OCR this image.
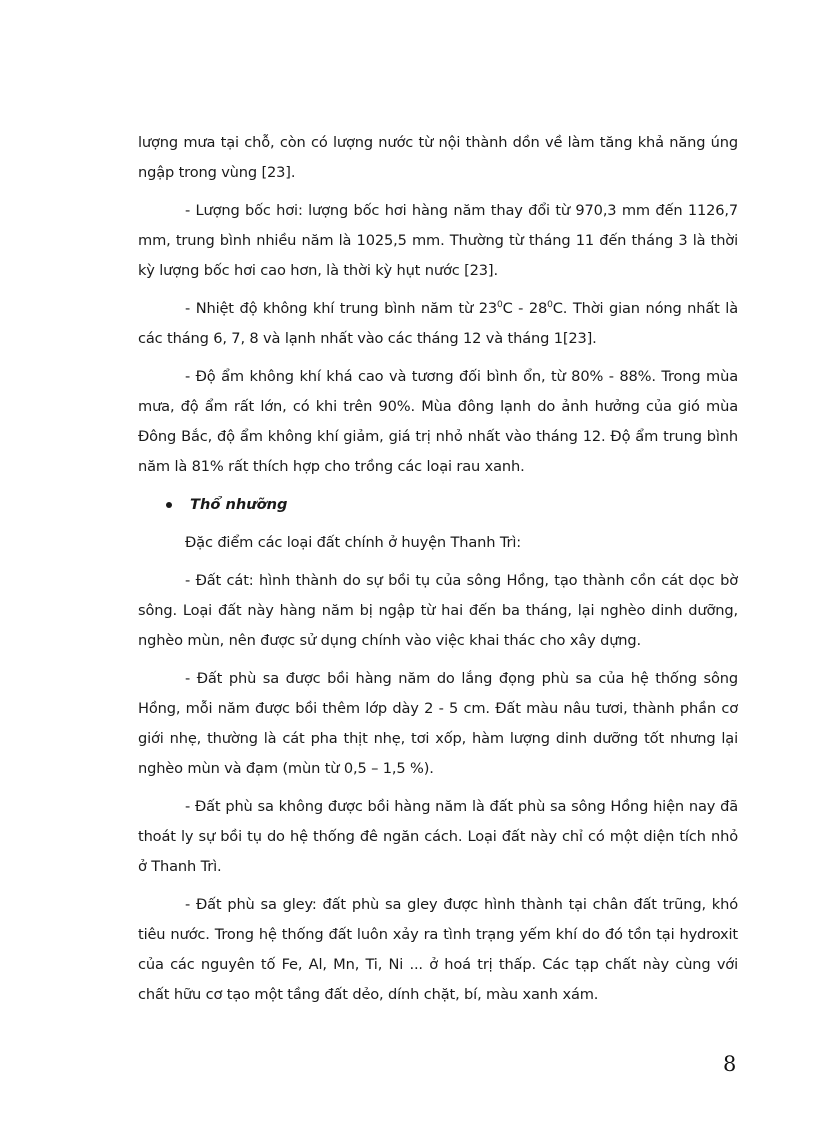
lượng mưa tại chỗ, còn có lượng nước từ nội thành dồn về làm tăng khả năng úng ngập trong vùng [23].

- Lượng bốc hơi: lượng bốc hơi hàng năm thay đổi từ 970,3 mm đến 1126,7 mm, trung bình nhiều năm là 1025,5 mm. Thường từ tháng 11 đến tháng 3 là thời kỳ lượng bốc hơi cao hơn, là thời kỳ hụt nước [23].

- Nhiệt độ không khí trung bình năm từ $23^0C - 28^0C$. Thời gian nóng nhất là các tháng 6, 7, 8 và lạnh nhất vào các tháng 12 và tháng 1[23].

- Độ ẩm không khí khá cao và tương đối bình ổn, từ 80% - 88%. Trong mùa mưa, độ ẩm rất lớn, có khi trên 90%. Mùa đông lạnh do ảnh hưởng của gió mùa Đông Bắc, độ ẩm không khí giảm, giá trị nhỏ nhất vào tháng 12. Độ ẩm trung bình năm là 81% rất thích hợp cho trồng các loại rau xanh.

Thổ nhưỡng

Đặc điểm các loại đất chính ở huyện Thanh Trì:

- Đất cát: hình thành do sự bồi tụ của sông Hồng, tạo thành cồn cát dọc bờ sông. Loại đất này hàng năm bị ngập từ hai đến ba tháng, lại nghèo dinh dưỡng, nghèo mùn, nên được sử dụng chính vào việc khai thác cho xây dựng.

- Đất phù sa được bồi hàng năm do lắng đọng phù sa của hệ thống sông Hồng, mỗi năm được bồi thêm lớp dày 2 - 5 cm. Đất màu nâu tươi, thành phần cơ giới nhẹ, thường là cát pha thịt nhẹ, tơi xốp, hàm lượng dinh dưỡng tốt nhưng lại nghèo mùn và đạm (mùn từ 0,5 – 1,5 %).

- Đất phù sa không được bồi hàng năm là đất phù sa sông Hồng hiện nay đã thoát ly sự bồi tụ do hệ thống đê ngăn cách. Loại đất này chỉ có một diện tích nhỏ ở Thanh Trì.

- Đất phù sa gley: đất phù sa gley được hình thành tại chân đất trũng, khó tiêu nước. Trong hệ thống đất luôn xảy ra tình trạng yếm khí do đó tồn tại hydroxit của các nguyên tố Fe, Al, Mn, Ti, Ni ... ở hoá trị thấp. Các tạp chất này cùng với chất hữu cơ tạo một tầng đất dẻo, dính chặt, bí, màu xanh xám.

8
